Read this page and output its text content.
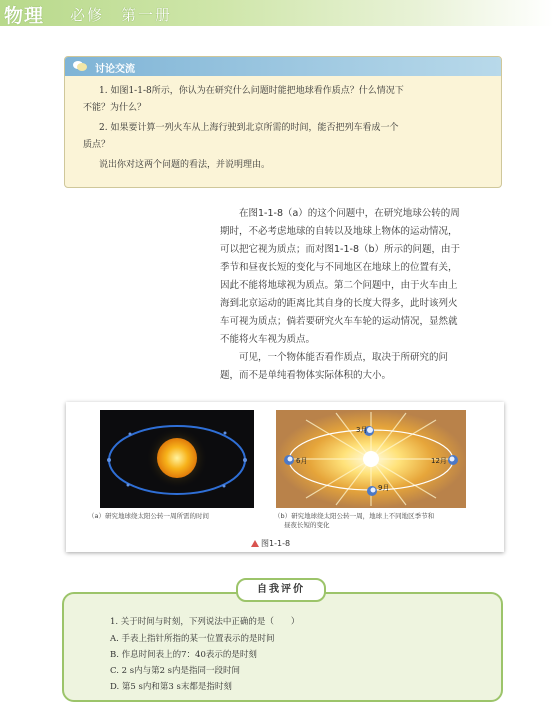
物理 必修　第一册
讨论交流
1. 如图1-1-8所示，你认为在研究什么问题时能把地球看作质点？什么情况下
不能？为什么？
2. 如果要计算一列火车从上海行驶到北京所需的时间，能否把列车看成一个
质点？
说出你对这两个问题的看法，并说明理由。
在图1-1-8（a）的这个问题中，在研究地球公转的周
期时，不必考虑地球的自转以及地球上物体的运动情况，
可以把它视为质点；而对图1-1-8（b）所示的问题，由于
季节和昼夜长短的变化与不同地区在地球上的位置有关，
因此不能将地球视为质点。第二个问题中，由于火车由上
海到北京运动的距离比其自身的长度大得多，此时该列火
车可视为质点；倘若要研究火车车轮的运动情况，显然就
不能将火车视为质点。
可见，一个物体能否看作质点，取决于所研究的问
题，而不是单纯看物体实际体积的大小。
（a）研究地球绕太阳公转一周所需的时间
3月
6月
9月
12月
（b）研究地球绕太阳公转一周，地球上不同地区季节和
昼夜长短的变化
图1-1-8
自我评价
1. 关于时间与时刻，下列说法中正确的是（　　）
A. 手表上指针所指的某一位置表示的是时间
B. 作息时间表上的7：40表示的是时刻
C. 2 s内与第2 s内是指同一段时间
D. 第5 s内和第3 s末都是指时刻
